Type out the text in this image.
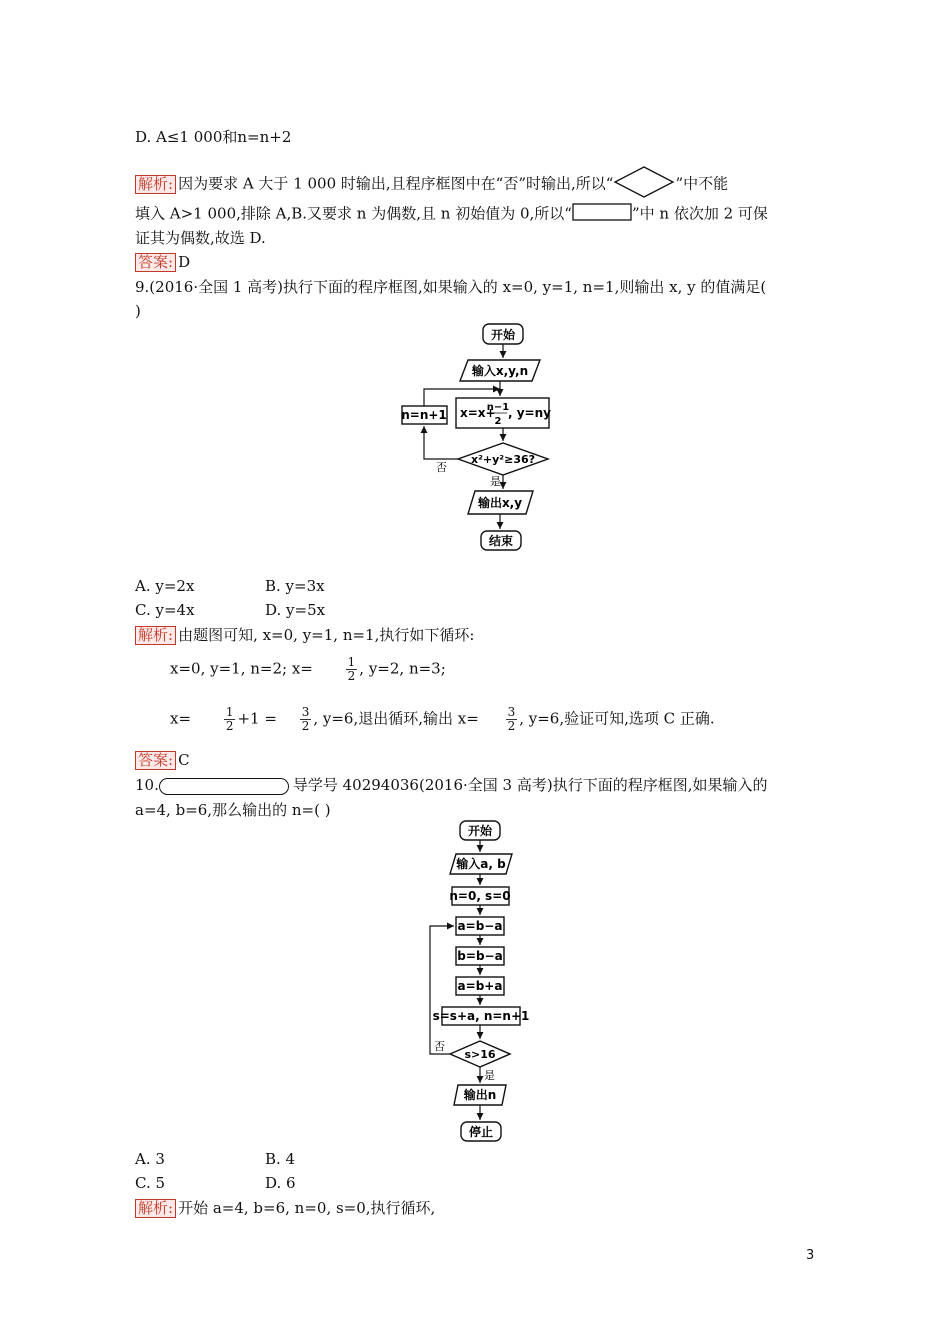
D. A≤1 000和n=n+2
解析: 因为要求 A 大于 1 000 时输出,且程序框图中在“否”时输出,所以“	”中不能
填入 A>1 000,排除 A,B.又要求 n 为偶数,且 n 初始值为 0,所以“	”中 n 依次加 2 可保
证其为偶数,故选 D.
答案: D
9.(2016·全国 1 高考)执行下面的程序框图,如果输入的 x=0, y=1, n=1,则输出 x, y 的值满足(
)
开始
输入x,y,n
x=x+
n−1
2
, y=ny
n=n+1
x²+y²≥36?
否
是
输出x,y
结束
A. y=2x	B. y=3x
C. y=4x	D. y=5x
解析: 由题图可知, x=0, y=1, n=1,执行如下循环:
x=0, y=1, n=2; x=	$\frac{1}{2}$ , y=2, n=3;
x=	$\frac{1}{2} +1 = \frac{3}{2}$ , y=6,退出循环,输出 $x= \frac{3}{2}$ , y=6,验证可知,选项 C 正确.
答案: C
10.	导学号 40294036(2016·全国 3 高考)执行下面的程序框图,如果输入的
a=4, b=6,那么输出的 n=( )
开始
输入a, b
n=0, s=0
a=b−a
b=b−a
a=b+a
s=s+a, n=n+1
s>16
否
是
输出n
停止
A. 3	B. 4
C. 5	D. 6
解析: 开始 a=4, b=6, n=0, s=0,执行循环,
3
